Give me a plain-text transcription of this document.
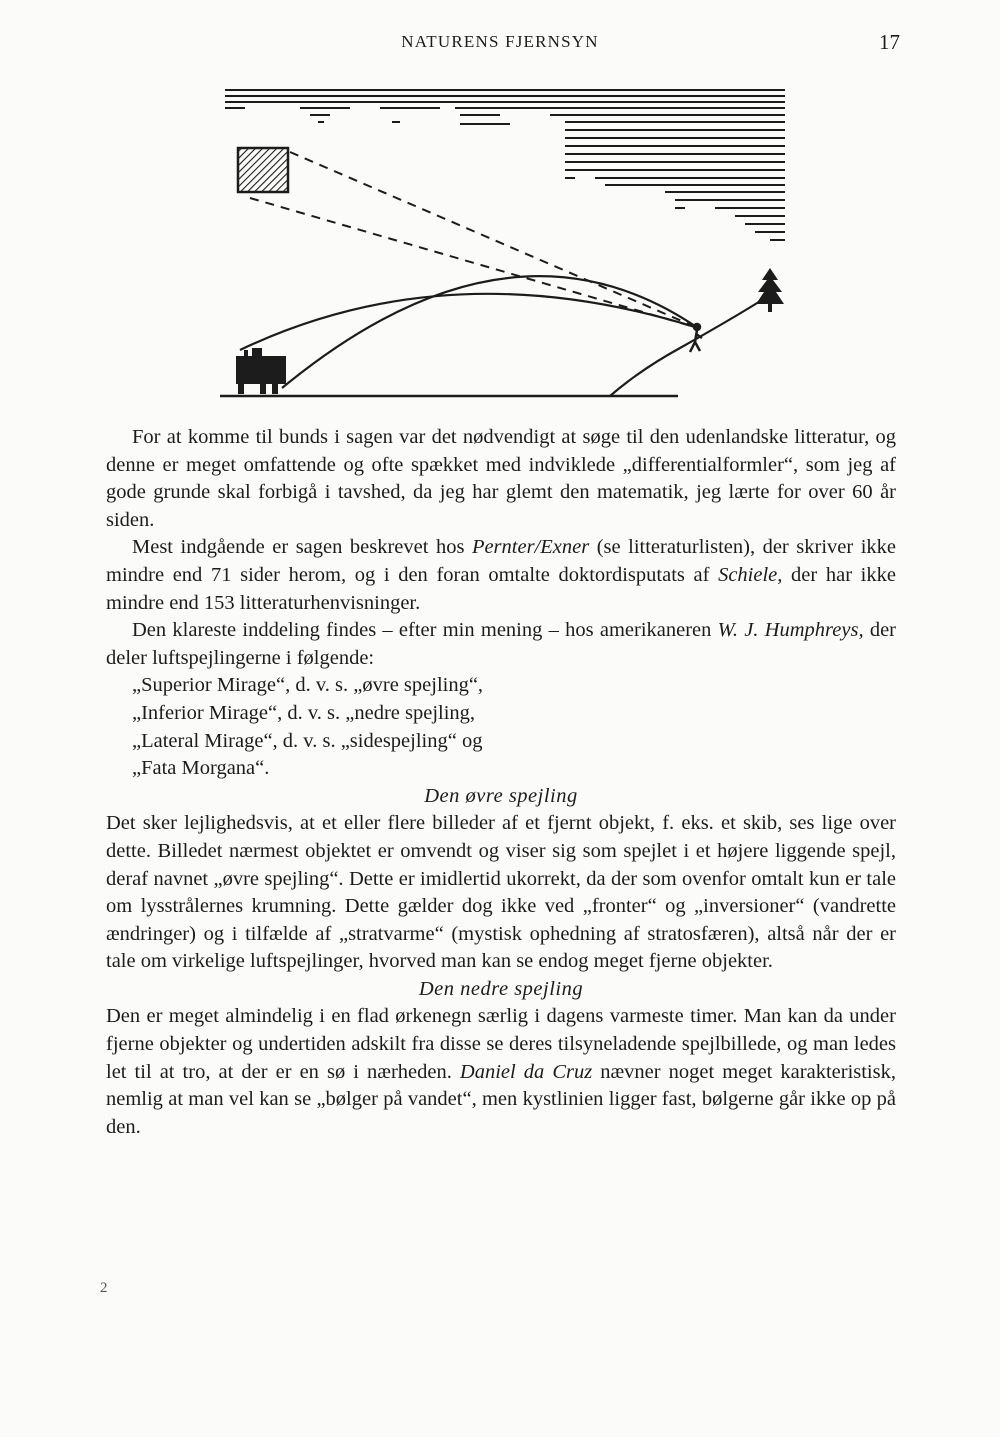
NATURENS FJERNSYN	17

For at komme til bunds i sagen var det nødvendigt at søge til den udenlandske litteratur, og denne er meget omfattende og ofte spækket med indviklede „differentialformler“, som jeg af gode grunde skal forbigå i tavshed, da jeg har glemt den matematik, jeg lærte for over 60 år siden.

Mest indgående er sagen beskrevet hos Pernter/Exner (se litteraturlisten), der skriver ikke mindre end 71 sider herom, og i den foran omtalte doktordisputats af Schiele, der har ikke mindre end 153 litteraturhenvisninger.

Den klareste inddeling findes – efter min mening – hos amerikaneren W. J. Humphreys, der deler luftspejlingerne i følgende:

„Superior Mirage“, d. v. s. „øvre spejling“,

„Inferior Mirage“, d. v. s. „nedre spejling,

„Lateral Mirage“, d. v. s. „sidespejling“ og

„Fata Morgana“.

Den øvre spejling

Det sker lejlighedsvis, at et eller flere billeder af et fjernt objekt, f. eks. et skib, ses lige over dette. Billedet nærmest objektet er omvendt og viser sig som spejlet i et højere liggende spejl, deraf navnet „øvre spejling“. Dette er imidlertid ukorrekt, da der som ovenfor omtalt kun er tale om lysstrålernes krumning. Dette gælder dog ikke ved „fronter“ og „inversioner“ (vandrette ændringer) og i tilfælde af „stratvarme“ (mystisk ophedning af stratosfæren), altså når der er tale om virkelige luftspejlinger, hvorved man kan se endog meget fjerne objekter.

Den nedre spejling

Den er meget almindelig i en flad ørkenegn særlig i dagens varmeste timer. Man kan da under fjerne objekter og undertiden adskilt fra disse se deres tilsyneladende spejlbillede, og man ledes let til at tro, at der er en sø i nærheden. Daniel da Cruz nævner noget meget karakteristisk, nemlig at man vel kan se „bølger på vandet“, men kystlinien ligger fast, bølgerne går ikke op på den.

2
